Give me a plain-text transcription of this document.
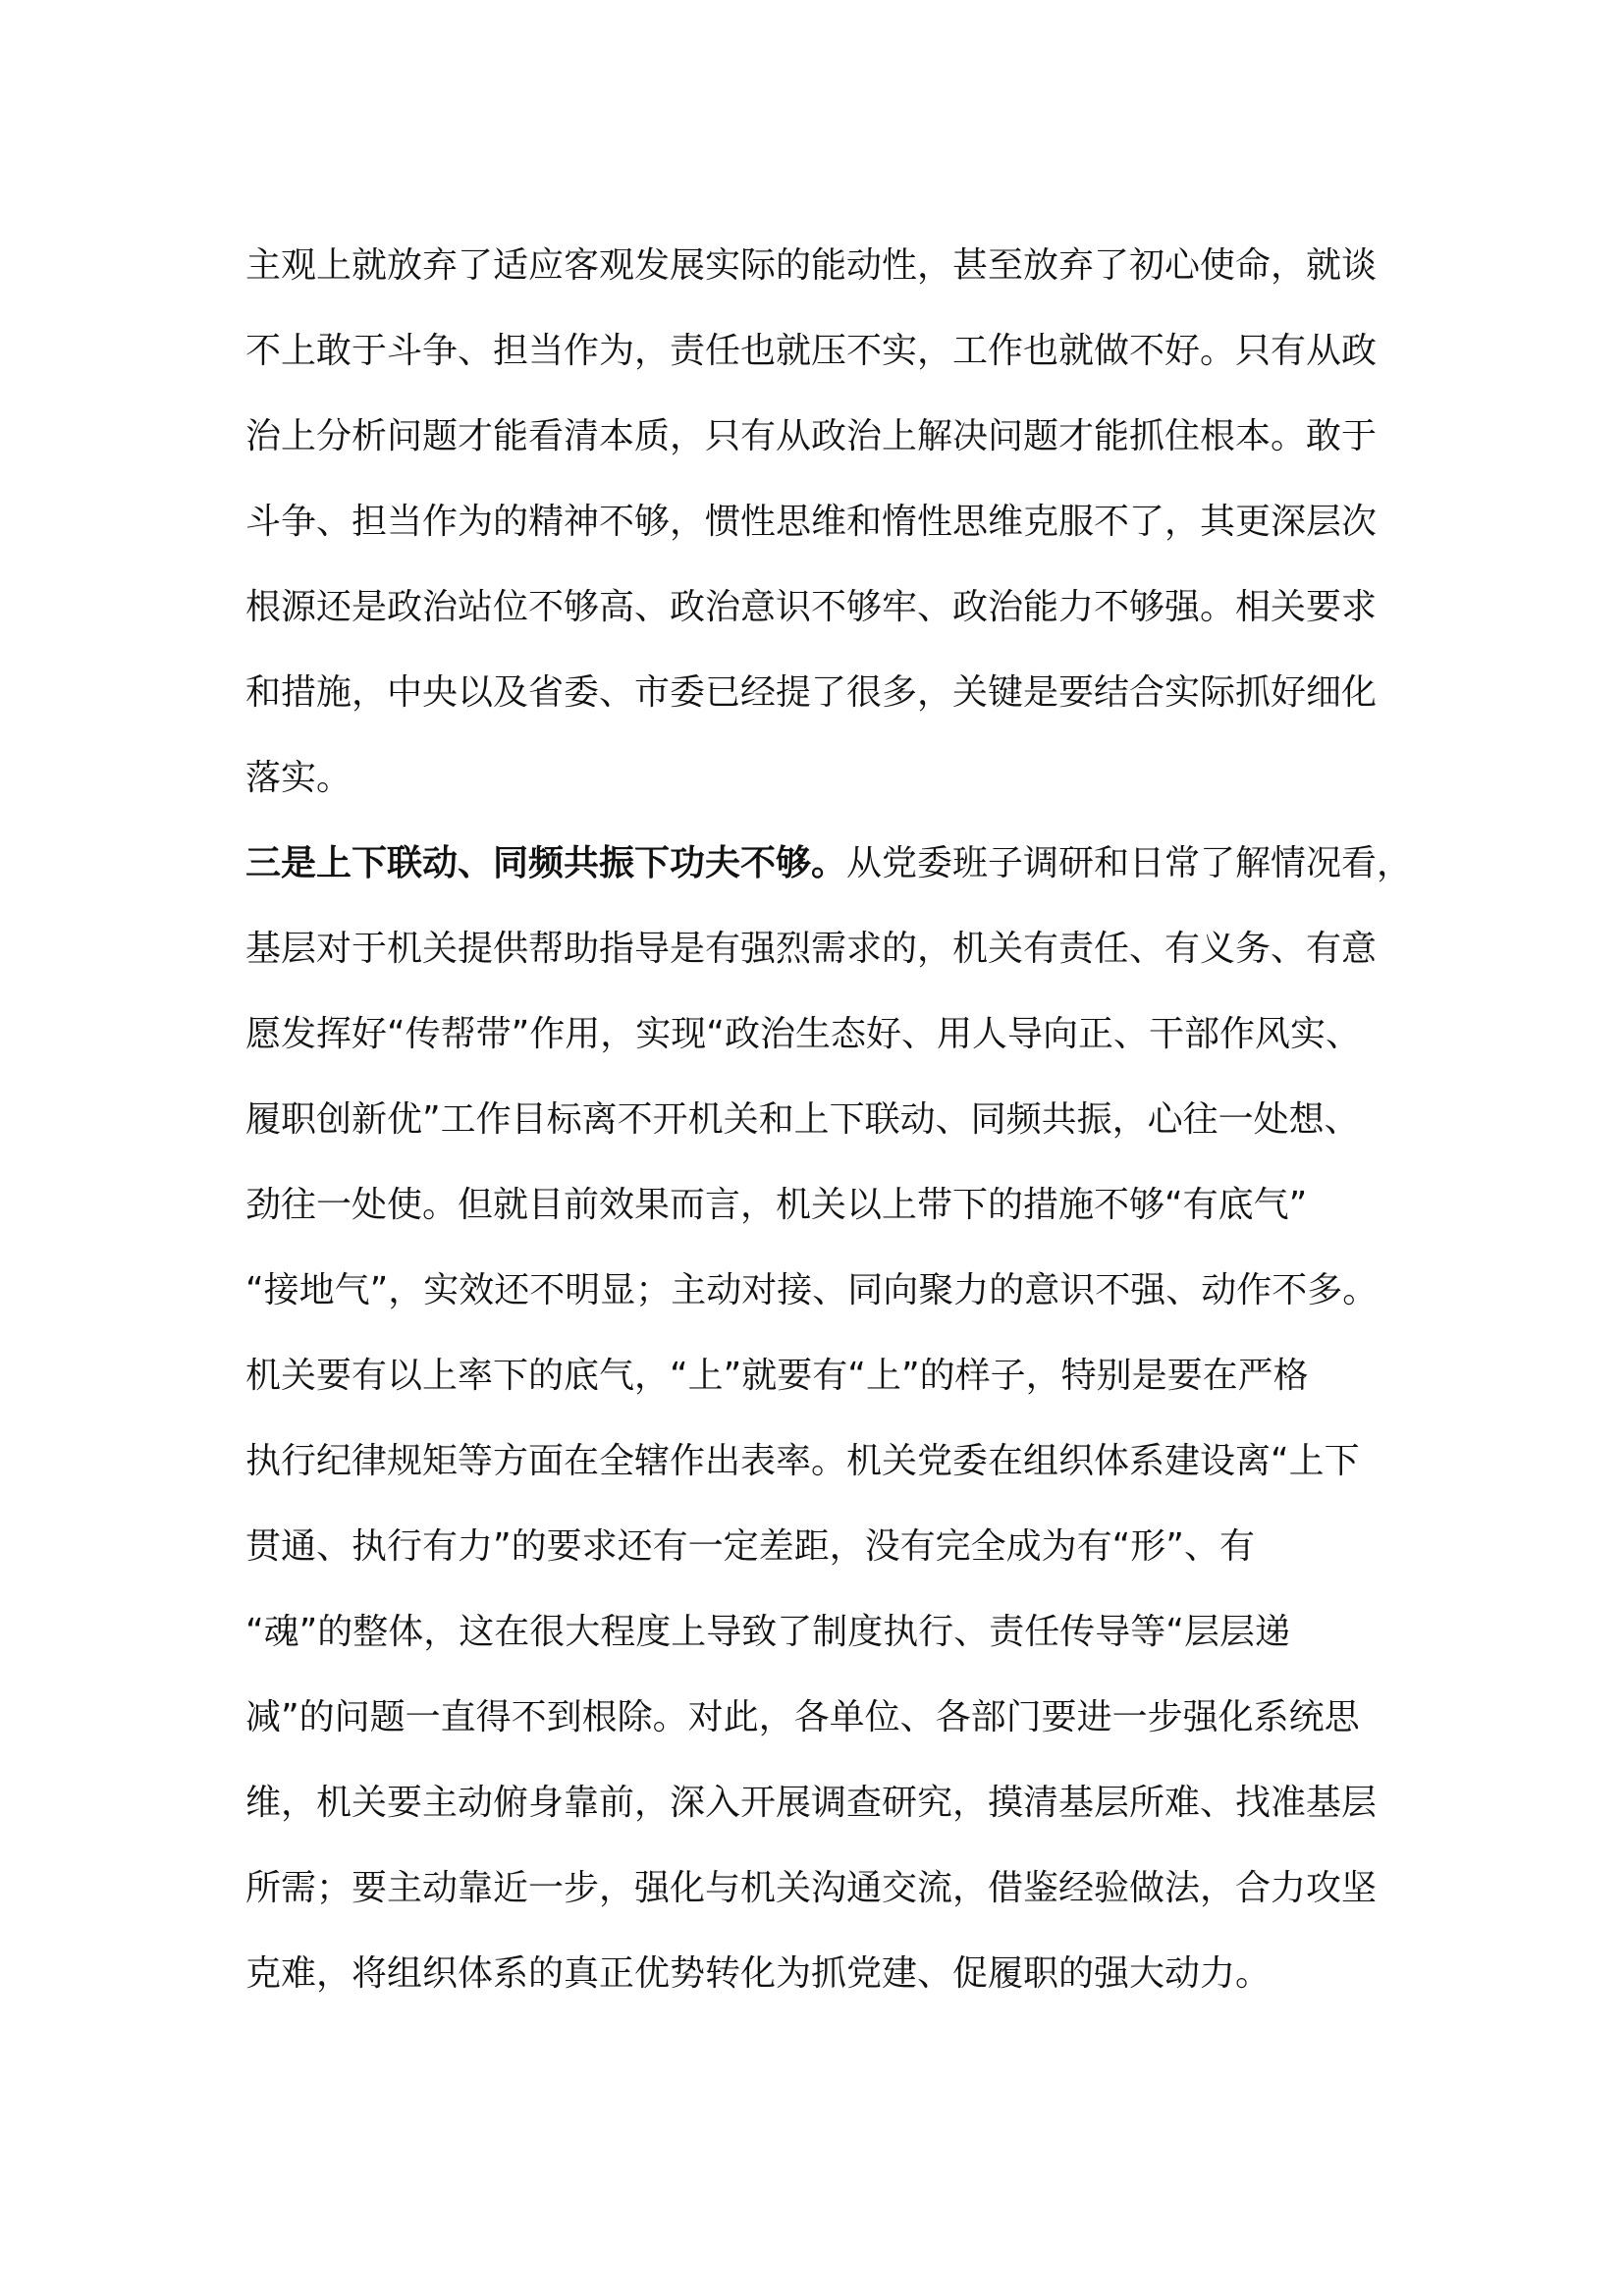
主观上就放弃了适应客观发展实际的能动性，甚至放弃了初心使命，就谈
不上敢于斗争、担当作为，责任也就压不实，工作也就做不好。只有从政
治上分析问题才能看清本质，只有从政治上解决问题才能抓住根本。敢于
斗争、担当作为的精神不够，惯性思维和惰性思维克服不了，其更深层次
根源还是政治站位不够高、政治意识不够牢、政治能力不够强。相关要求
和措施，中央以及省委、市委已经提了很多，关键是要结合实际抓好细化
落实。
三是上下联动、同频共振下功夫不够。从党委班子调研和日常了解情况看，
基层对于机关提供帮助指导是有强烈需求的，机关有责任、有义务、有意
愿发挥好“传帮带”作用，实现“政治生态好、用人导向正、干部作风实、
履职创新优”工作目标离不开机关和上下联动、同频共振，心往一处想、
劲往一处使。但就目前效果而言，机关以上带下的措施不够“有底气”
“接地气”，实效还不明显；主动对接、同向聚力的意识不强、动作不多。
机关要有以上率下的底气，“上”就要有“上”的样子，特别是要在严格
执行纪律规矩等方面在全辖作出表率。机关党委在组织体系建设离“上下
贯通、执行有力”的要求还有一定差距，没有完全成为有“形”、有
“魂”的整体，这在很大程度上导致了制度执行、责任传导等“层层递
减”的问题一直得不到根除。对此，各单位、各部门要进一步强化系统思
维，机关要主动俯身靠前，深入开展调查研究，摸清基层所难、找准基层
所需；要主动靠近一步，强化与机关沟通交流，借鉴经验做法，合力攻坚
克难，将组织体系的真正优势转化为抓党建、促履职的强大动力。
